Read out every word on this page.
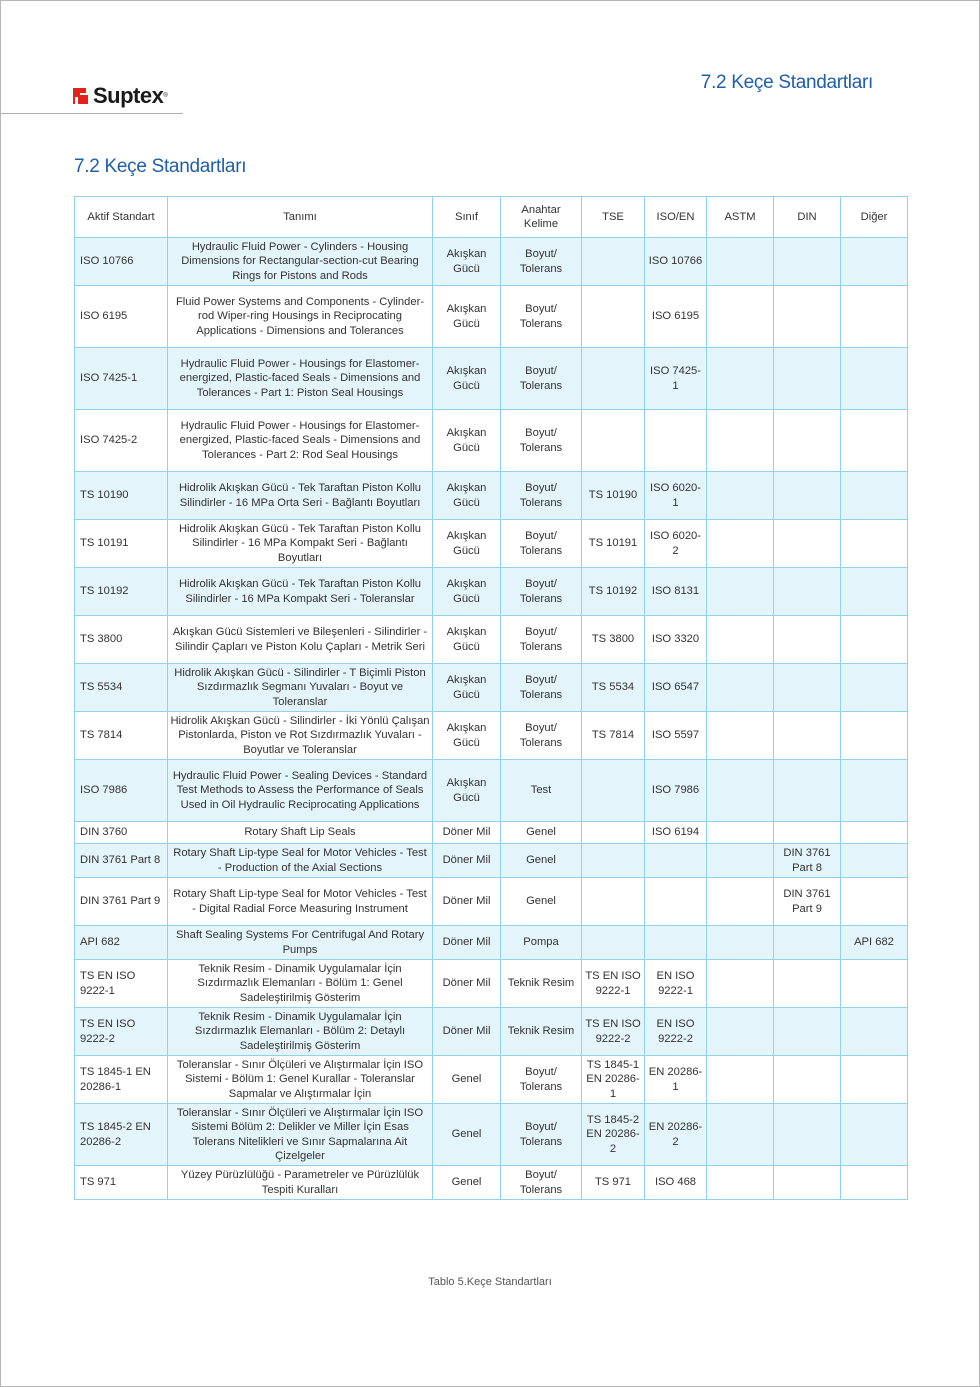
Suptex ®
7.2 Keçe Standartları
7.2 Keçe Standartları
Aktif Standart	Tanımı	Sınıf	Anahtar Kelime	TSE	ISO/EN	ASTM	DIN	Diğer
ISO 10766	Hydraulic Fluid Power - Cylinders - Housing Dimensions for Rectangular-section-cut Bearing Rings for Pistons and Rods	Akışkan Gücü	Boyut/ Tolerans		ISO 10766			
ISO 6195	Fluid Power Systems and Components - Cylinder-rod Wiper-ring Housings in Reciprocating Applications - Dimensions and Tolerances	Akışkan Gücü	Boyut/ Tolerans		ISO 6195			
ISO 7425-1	Hydraulic Fluid Power - Housings for Elastomer-energized, Plastic-faced Seals - Dimensions and Tolerances - Part 1: Piston Seal Housings	Akışkan Gücü	Boyut/ Tolerans		ISO 7425-1			
ISO 7425-2	Hydraulic Fluid Power - Housings for Elastomer-energized, Plastic-faced Seals - Dimensions and Tolerances - Part 2: Rod Seal Housings	Akışkan Gücü	Boyut/ Tolerans					
TS 10190	Hidrolik Akışkan Gücü - Tek Taraftan Piston Kollu Silindirler - 16 MPa Orta Seri - Bağlantı Boyutları	Akışkan Gücü	Boyut/ Tolerans	TS 10190	ISO 6020-1			
TS 10191	Hidrolik Akışkan Gücü - Tek Taraftan Piston Kollu Silindirler - 16 MPa Kompakt Seri - Bağlantı Boyutları	Akışkan Gücü	Boyut/ Tolerans	TS 10191	ISO 6020-2			
TS 10192	Hidrolik Akışkan Gücü - Tek Taraftan Piston Kollu Silindirler - 16 MPa Kompakt Seri - Toleranslar	Akışkan Gücü	Boyut/ Tolerans	TS 10192	ISO 8131			
TS 3800	Akışkan Gücü Sistemleri ve Bileşenleri - Silindirler - Silindir Çapları ve Piston Kolu Çapları - Metrik Seri	Akışkan Gücü	Boyut/ Tolerans	TS 3800	ISO 3320			
TS 5534	Hidrolik Akışkan Gücü - Silindirler - T Biçimli Piston Sızdırmazlık Segmanı Yuvaları - Boyut ve Toleranslar	Akışkan Gücü	Boyut/ Tolerans	TS 5534	ISO 6547			
TS 7814	Hidrolik Akışkan Gücü - Silindirler - İki Yönlü Çalışan Pistonlarda, Piston ve Rot Sızdırmazlık Yuvaları - Boyutlar ve Toleranslar	Akışkan Gücü	Boyut/ Tolerans	TS 7814	ISO 5597			
ISO 7986	Hydraulic Fluid Power - Sealing Devices - Standard Test Methods to Assess the Performance of Seals Used in Oil Hydraulic Reciprocating Applications	Akışkan Gücü	Test		ISO 7986			
DIN 3760	Rotary Shaft Lip Seals	Döner Mil	Genel		ISO 6194			
DIN 3761 Part 8	Rotary Shaft Lip-type Seal for Motor Vehicles - Test - Production of the Axial Sections	Döner Mil	Genel				DIN 3761 Part 8	
DIN 3761 Part 9	Rotary Shaft Lip-type Seal for Motor Vehicles - Test - Digital Radial Force Measuring Instrument	Döner Mil	Genel				DIN 3761 Part 9	
API 682	Shaft Sealing Systems For Centrifugal And Rotary Pumps	Döner Mil	Pompa					API 682
TS EN ISO 9222-1	Teknik Resim - Dinamik Uygulamalar İçin Sızdırmazlık Elemanları - Bölüm 1: Genel Sadeleştirilmiş Gösterim	Döner Mil	Teknik Resim	TS EN ISO 9222-1	EN ISO 9222-1			
TS EN ISO 9222-2	Teknik Resim - Dinamik Uygulamalar İçin Sızdırmazlık Elemanları - Bölüm 2: Detaylı Sadeleştirilmiş Gösterim	Döner Mil	Teknik Resim	TS EN ISO 9222-2	EN ISO 9222-2			
TS 1845-1 EN 20286-1	Toleranslar - Sınır Ölçüleri ve Alıştırmalar İçin ISO Sistemi - Bölüm 1: Genel Kurallar - Toleranslar Sapmalar ve Alıştırmalar İçin	Genel	Boyut/ Tolerans	TS 1845-1 EN 20286-1	EN 20286-1			
TS 1845-2 EN 20286-2	Toleranslar - Sınır Ölçüleri ve Alıştırmalar İçin ISO Sistemi Bölüm 2: Delikler ve Miller İçin Esas Tolerans Nitelikleri ve Sınır Sapmalarına Ait Çizelgeler	Genel	Boyut/ Tolerans	TS 1845-2 EN 20286-2	EN 20286-2			
TS 971	Yüzey Pürüzlülüğü - Parametreler ve Pürüzlülük Tespiti Kuralları	Genel	Boyut/ Tolerans	TS 971	ISO 468			
Tablo 5.Keçe Standartları
